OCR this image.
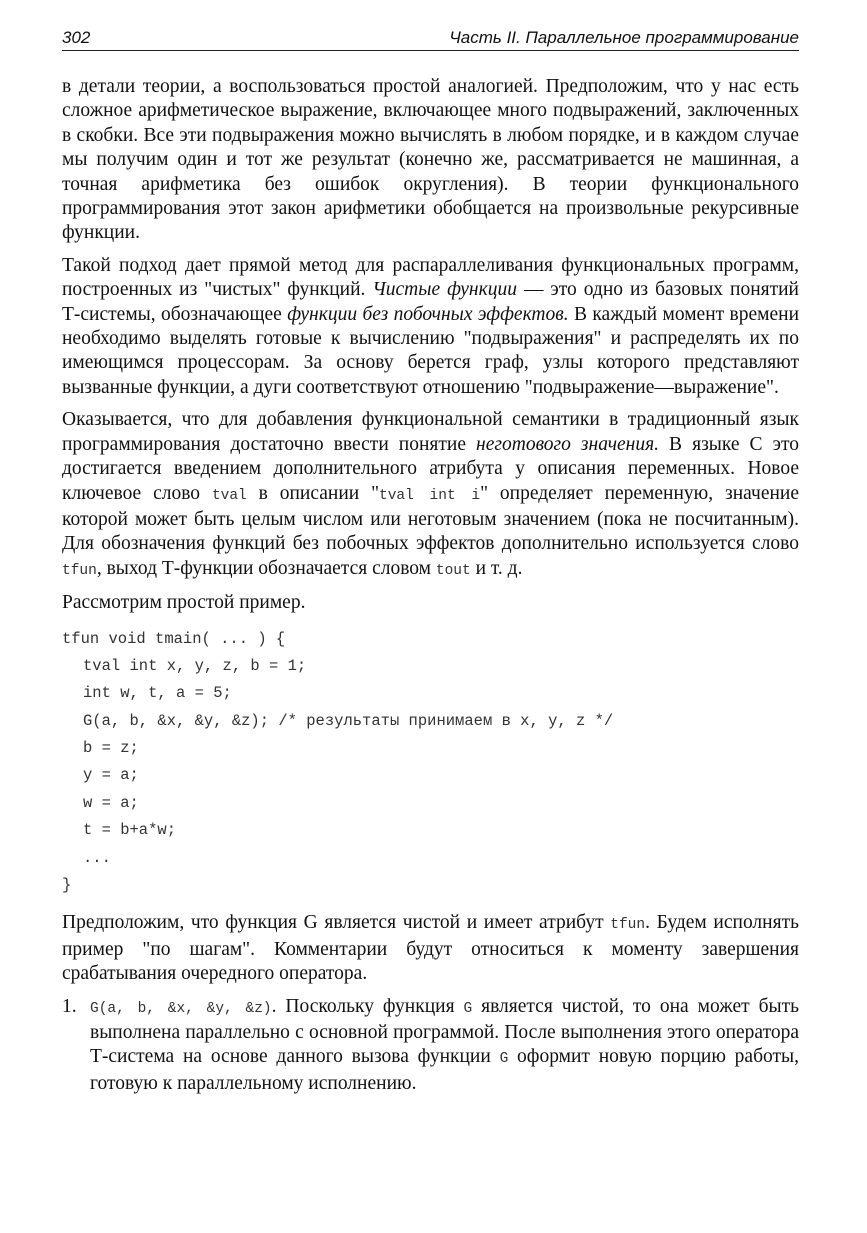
302	Часть II. Параллельное программирование

в детали теории, а воспользоваться простой аналогией. Предположим, что у нас есть сложное арифметическое выражение, включающее много подвыражений, заключенных в скобки. Все эти подвыражения можно вычислять в любом порядке, и в каждом случае мы получим один и тот же результат (конечно же, рассматривается не машинная, а точная арифметика без ошибок округления). В теории функционального программирования этот закон арифметики обобщается на произвольные рекурсивные функции.

Такой подход дает прямой метод для распараллеливания функциональных программ, построенных из "чистых" функций. Чистые функции — это одно из базовых понятий Т-системы, обозначающее функции без побочных эффектов. В каждый момент времени необходимо выделять готовые к вычислению "подвыражения" и распределять их по имеющимся процессорам. За основу берется граф, узлы которого представляют вызванные функции, а дуги соответствуют отношению "подвыражение—выражение".

Оказывается, что для добавления функциональной семантики в традиционный язык программирования достаточно ввести понятие неготового значения. В языке С это достигается введением дополнительного атрибута у описания переменных. Новое ключевое слово tval в описании "tval int i" определяет переменную, значение которой может быть целым числом или неготовым значением (пока не посчитанным). Для обозначения функций без побочных эффектов дополнительно используется слово tfun, выход Т-функции обозначается словом tout и т. д.

Рассмотрим простой пример.

tfun void tmain( ... ) {
tval int x, y, z, b = 1;
int w, t, a = 5;
G(a, b, &x, &y, &z); /* результаты принимаем в x, y, z */
b = z;
y = a;
w = a;
t = b+a*w;
...
}

Предположим, что функция G является чистой и имеет атрибут tfun. Будем исполнять пример "по шагам". Комментарии будут относиться к моменту завершения срабатывания очередного оператора.

1. G(a, b, &x, &y, &z). Поскольку функция G является чистой, то она может быть выполнена параллельно с основной программой. После выполнения этого оператора Т-система на основе данного вызова функции G оформит новую порцию работы, готовую к параллельному исполнению.
